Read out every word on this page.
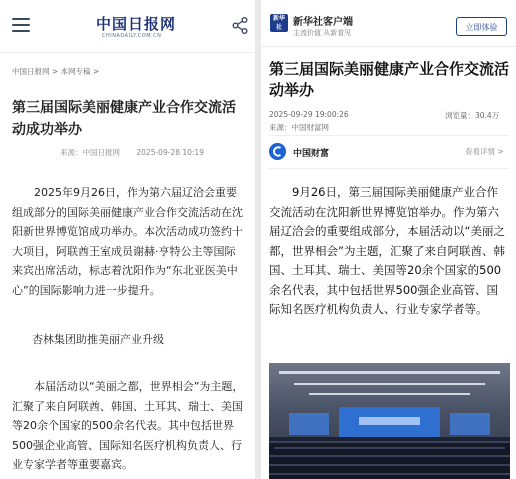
中国日报网
CHINADAILY.COM.CN
中国日报网 > 本网专稿 >
第三届国际美丽健康产业合作交流活动成功举办
来源：中国日报网 2025-09-28 10:19

2025年9月26日，作为第六届辽洽会重要组成部分的国际美丽健康产业合作交流活动在沈阳新世界博览馆成功举办。本次活动成功签约十大项目，阿联酋王室成员谢赫·亨特公主等国际来宾出席活动，标志着沈阳作为“东北亚医美中心”的国际影响力进一步提升。

杏林集团助推美丽产业升级

本届活动以“美丽之都，世界相会”为主题，汇聚了来自阿联酋、韩国、土耳其、瑞士、美国等20余个国家的500余名代表。其中包括世界500强企业高管、国际知名医疗机构负责人、行业专家学者等重要嘉宾。

新华
社	新华社客户端
主流价值 从新看见
立即体验
第三届国际美丽健康产业合作交流活动举办
2025-09-29 19:00:26	浏览量：30.4万
来源：中国财富网
中国财富	查看详情 >

9月26日，第三届国际美丽健康产业合作交流活动在沈阳新世界博览馆举办。作为第六届辽洽会的重要组成部分，本届活动以“美丽之都，世界相会”为主题，汇聚了来自阿联酋、韩国、土耳其、瑞士、美国等20余个国家的500余名代表，其中包括世界500强企业高管、国际知名医疗机构负责人、行业专家学者等。
